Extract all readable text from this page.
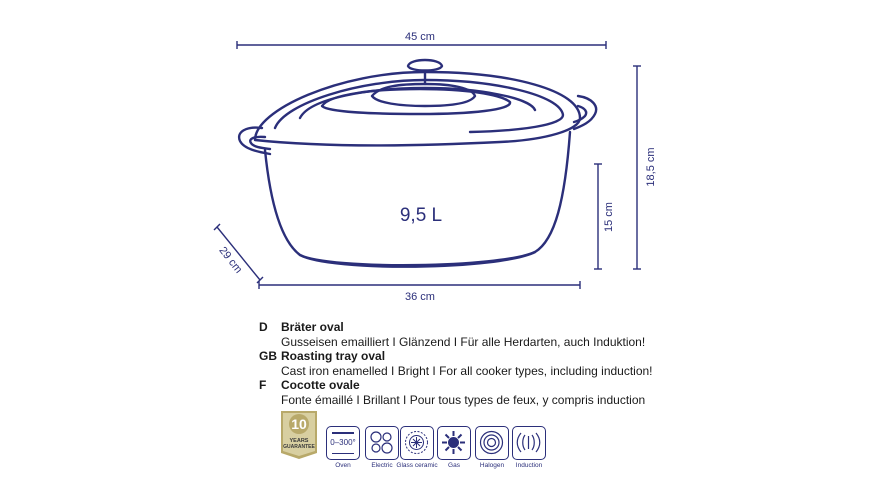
45 cm
18,5 cm
15 cm
36 cm
29 cm
9,5 L
D Bräter oval
Gusseisen emailliert I Glänzend I Für alle Herdarten, auch Induktion!
GB Roasting tray oval
Cast iron enamelled I Bright I For all cooker types, including induction!
F Cocotte ovale
Fonte émaillé I Brillant I Pour tous types de feux, y compris induction
10
YEARS
GUARANTEE	0–300°
Oven	Electric Glass ceramic	Gas	Halogen	Induction
